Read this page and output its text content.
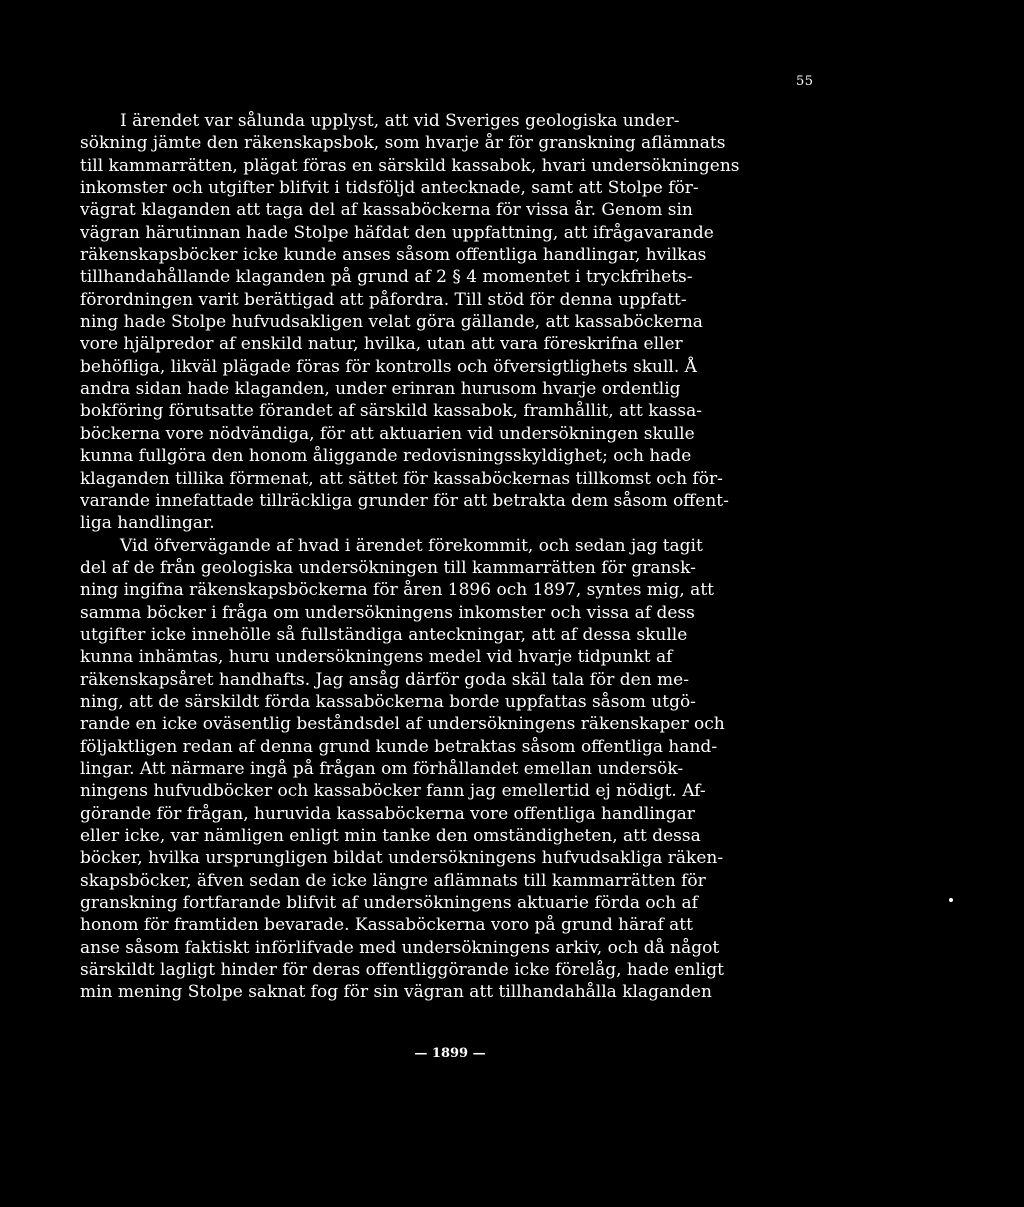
55
I ärendet var sålunda upplyst, att vid Sveriges geologiska under-
sökning jämte den räkenskapsbok, som hvarje år för granskning aflämnats
till kammarrätten, plägat föras en särskild kassabok, hvari undersökningens
inkomster och utgifter blifvit i tidsföljd antecknade, samt att Stolpe för-
vägrat klaganden att taga del af kassaböckerna för vissa år. Genom sin
vägran härutinnan hade Stolpe häfdat den uppfattning, att ifrågavarande
räkenskapsböcker icke kunde anses såsom offentliga handlingar, hvilkas
tillhandahållande klaganden på grund af 2 § 4 momentet i tryckfrihets-
förordningen varit berättigad att påfordra. Till stöd för denna uppfatt-
ning hade Stolpe hufvudsakligen velat göra gällande, att kassaböckerna
vore hjälpredor af enskild natur, hvilka, utan att vara föreskrifna eller
behöfliga, likväl plägade föras för kontrolls och öfversigtlighets skull. Å
andra sidan hade klaganden, under erinran hurusom hvarje ordentlig
bokföring förutsatte förandet af särskild kassabok, framhållit, att kassa-
böckerna vore nödvändiga, för att aktuarien vid undersökningen skulle
kunna fullgöra den honom åliggande redovisningsskyldighet; och hade
klaganden tillika förmenat, att sättet för kassaböckernas tillkomst och för-
varande innefattade tillräckliga grunder för att betrakta dem såsom offent-
liga handlingar.
Vid öfvervägande af hvad i ärendet förekommit, och sedan jag tagit
del af de från geologiska undersökningen till kammarrätten för gransk-
ning ingifna räkenskapsböckerna för åren 1896 och 1897, syntes mig, att
samma böcker i fråga om undersökningens inkomster och vissa af dess
utgifter icke innehölle så fullständiga anteckningar, att af dessa skulle
kunna inhämtas, huru undersökningens medel vid hvarje tidpunkt af
räkenskapsåret handhafts. Jag ansåg därför goda skäl tala för den me-
ning, att de särskildt förda kassaböckerna borde uppfattas såsom utgö-
rande en icke oväsentlig beståndsdel af undersökningens räkenskaper och
följaktligen redan af denna grund kunde betraktas såsom offentliga hand-
lingar. Att närmare ingå på frågan om förhållandet emellan undersök-
ningens hufvudböcker och kassaböcker fann jag emellertid ej nödigt. Af-
görande för frågan, huruvida kassaböckerna vore offentliga handlingar
eller icke, var nämligen enligt min tanke den omständigheten, att dessa
böcker, hvilka ursprungligen bildat undersökningens hufvudsakliga räken-
skapsböcker, äfven sedan de icke längre aflämnats till kammarrätten för
granskning fortfarande blifvit af undersökningens aktuarie förda och af
honom för framtiden bevarade. Kassaböckerna voro på grund häraf att
anse såsom faktiskt införlifvade med undersökningens arkiv, och då något
särskildt lagligt hinder för deras offentliggörande icke förelåg, hade enligt
min mening Stolpe saknat fog för sin vägran att tillhandahålla klaganden
— 1899 —
